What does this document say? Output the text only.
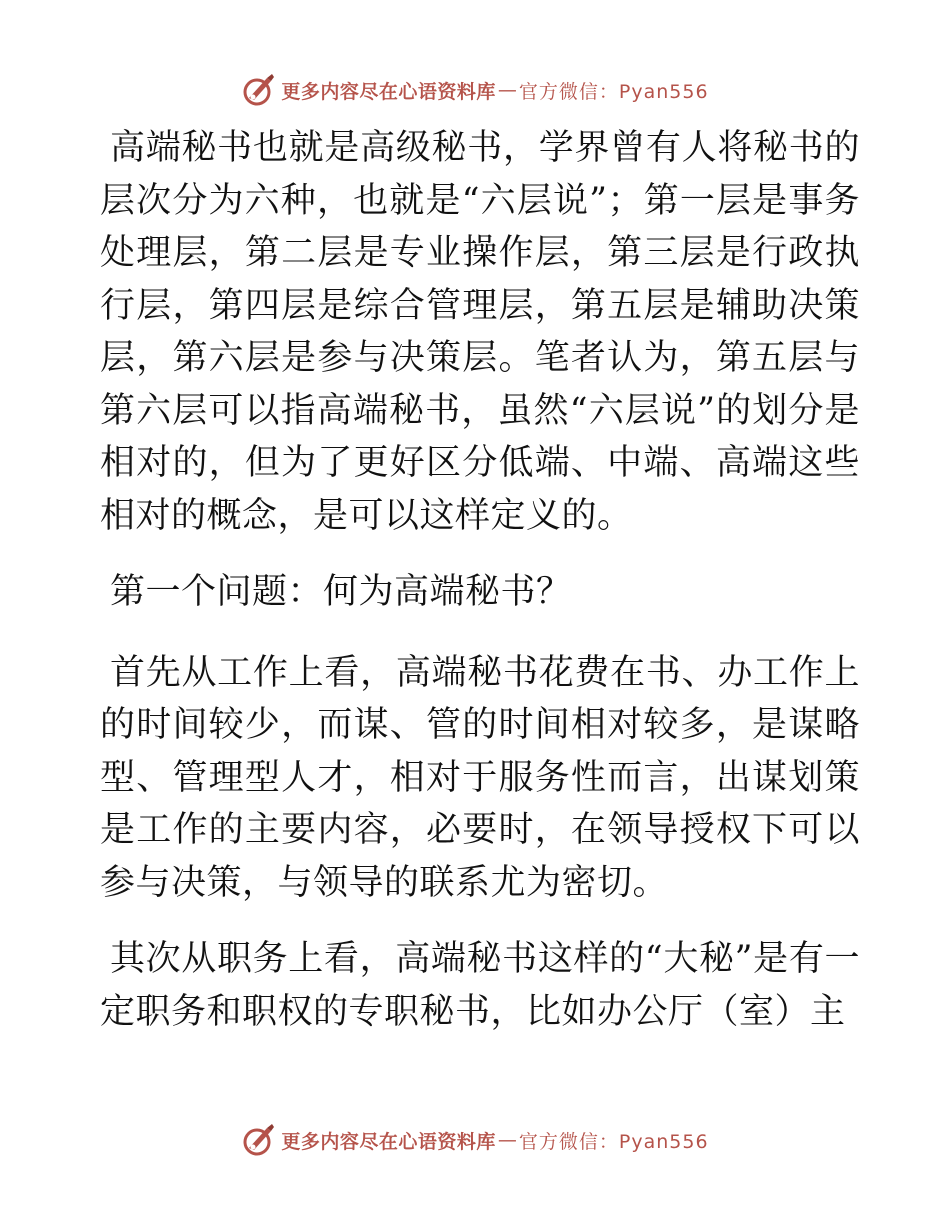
更多内容尽在心语资料库 — 官方微信：Pyan556

高端秘书也就是高级秘书，学界曾有人将秘书的层次分为六种，也就是“六层说”；第一层是事务处理层，第二层是专业操作层，第三层是行政执行层，第四层是综合管理层，第五层是辅助决策层，第六层是参与决策层。笔者认为，第五层与第六层可以指高端秘书，虽然“六层说”的划分是相对的，但为了更好区分低端、中端、高端这些相对的概念，是可以这样定义的。

第一个问题：何为高端秘书？

首先从工作上看，高端秘书花费在书、办工作上的时间较少，而谋、管的时间相对较多，是谋略型、管理型人才，相对于服务性而言，出谋划策是工作的主要内容，必要时，在领导授权下可以参与决策，与领导的联系尤为密切。

其次从职务上看，高端秘书这样的“大秘”是有一定职务和职权的专职秘书，比如办公厅（室）主

更多内容尽在心语资料库 — 官方微信：Pyan556
